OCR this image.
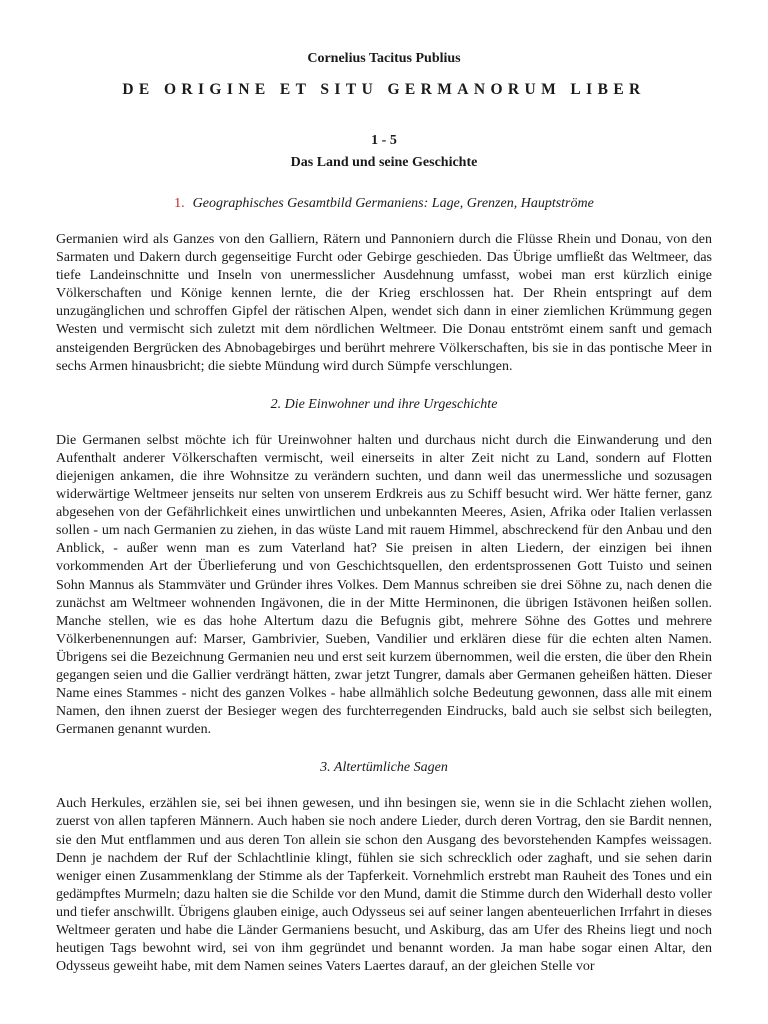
Cornelius Tacitus Publius

DE ORIGINE ET SITU GERMANORUM LIBER

1 - 5

Das Land und seine Geschichte

1. Geographisches Gesamtbild Germaniens: Lage, Grenzen, Hauptströme

Germanien wird als Ganzes von den Galliern, Rätern und Pannoniern durch die Flüsse Rhein und Donau, von den Sarmaten und Dakern durch gegenseitige Furcht oder Gebirge geschieden. Das Übrige umfließt das Weltmeer, das tiefe Landeinschnitte und Inseln von unermesslicher Ausdehnung umfasst, wobei man erst kürzlich einige Völkerschaften und Könige kennen lernte, die der Krieg erschlossen hat. Der Rhein entspringt auf dem unzugänglichen und schroffen Gipfel der rätischen Alpen, wendet sich dann in einer ziemlichen Krümmung gegen Westen und vermischt sich zuletzt mit dem nördlichen Weltmeer. Die Donau entströmt einem sanft und gemach ansteigenden Bergrücken des Abnobagebirges und berührt mehrere Völkerschaften, bis sie in das pontische Meer in sechs Armen hinausbricht; die siebte Mündung wird durch Sümpfe verschlungen.

2. Die Einwohner und ihre Urgeschichte

Die Germanen selbst möchte ich für Ureinwohner halten und durchaus nicht durch die Einwanderung und den Aufenthalt anderer Völkerschaften vermischt, weil einerseits in alter Zeit nicht zu Land, sondern auf Flotten diejenigen ankamen, die ihre Wohnsitze zu verändern suchten, und dann weil das unermessliche und sozusagen widerwärtige Weltmeer jenseits nur selten von unserem Erdkreis aus zu Schiff besucht wird. Wer hätte ferner, ganz abgesehen von der Gefährlichkeit eines unwirtlichen und unbekannten Meeres, Asien, Afrika oder Italien verlassen sollen - um nach Germanien zu ziehen, in das wüste Land mit rauem Himmel, abschreckend für den Anbau und den Anblick, - außer wenn man es zum Vaterland hat? Sie preisen in alten Liedern, der einzigen bei ihnen vorkommenden Art der Überlieferung und von Geschichtsquellen, den erdentsprossenen Gott Tuisto und seinen Sohn Mannus als Stammväter und Gründer ihres Volkes. Dem Mannus schreiben sie drei Söhne zu, nach denen die zunächst am Weltmeer wohnenden Ingävonen, die in der Mitte Herminonen, die übrigen Istävonen heißen sollen. Manche stellen, wie es das hohe Altertum dazu die Befugnis gibt, mehrere Söhne des Gottes und mehrere Völkerbenennungen auf: Marser, Gambrivier, Sueben, Vandilier und erklären diese für die echten alten Namen. Übrigens sei die Bezeichnung Germanien neu und erst seit kurzem übernommen, weil die ersten, die über den Rhein gegangen seien und die Gallier verdrängt hätten, zwar jetzt Tungrer, damals aber Germanen geheißen hätten. Dieser Name eines Stammes - nicht des ganzen Volkes - habe allmählich solche Bedeutung gewonnen, dass alle mit einem Namen, den ihnen zuerst der Besieger wegen des furchterregenden Eindrucks, bald auch sie selbst sich beilegten, Germanen genannt wurden.

3. Altertümliche Sagen

Auch Herkules, erzählen sie, sei bei ihnen gewesen, und ihn besingen sie, wenn sie in die Schlacht ziehen wollen, zuerst von allen tapferen Männern. Auch haben sie noch andere Lieder, durch deren Vortrag, den sie Bardit nennen, sie den Mut entflammen und aus deren Ton allein sie schon den Ausgang des bevorstehenden Kampfes weissagen. Denn je nachdem der Ruf der Schlachtlinie klingt, fühlen sie sich schrecklich oder zaghaft, und sie sehen darin weniger einen Zusammenklang der Stimme als der Tapferkeit. Vornehmlich erstrebt man Rauheit des Tones und ein gedämpftes Murmeln; dazu halten sie die Schilde vor den Mund, damit die Stimme durch den Widerhall desto voller und tiefer anschwillt. Übrigens glauben einige, auch Odysseus sei auf seiner langen abenteuerlichen Irrfahrt in dieses Weltmeer geraten und habe die Länder Germaniens besucht, und Askiburg, das am Ufer des Rheins liegt und noch heutigen Tags bewohnt wird, sei von ihm gegründet und benannt worden. Ja man habe sogar einen Altar, den Odysseus geweiht habe, mit dem Namen seines Vaters Laertes darauf, an der gleichen Stelle vor
